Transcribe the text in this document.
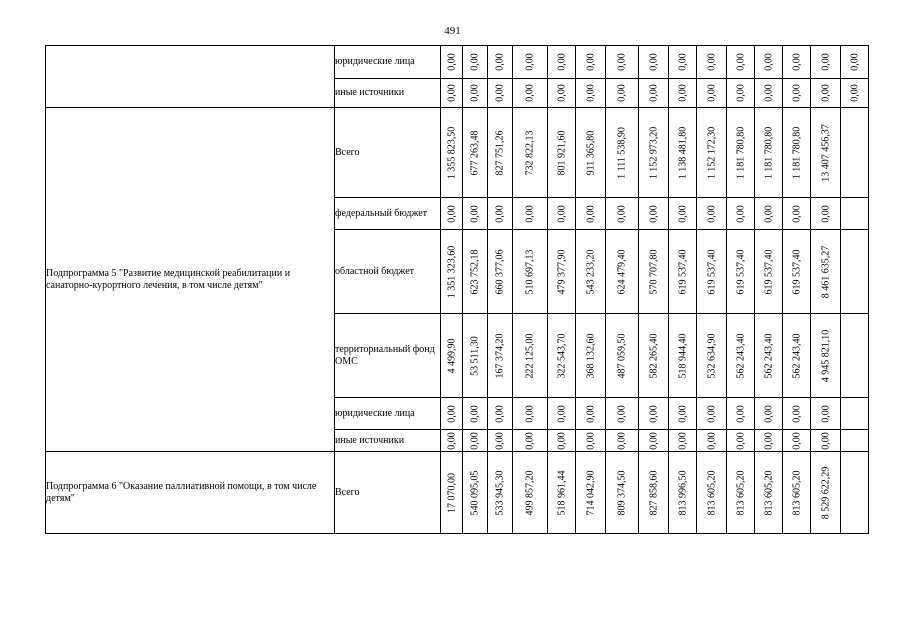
491
	юридические лица	0,00	0,00	0,00	0,00	0,00	0,00	0,00	0,00	0,00	0,00	0,00	0,00	0,00	0,00	0,00

	иные источники	0,00	0,00	0,00	0,00	0,00	0,00	0,00	0,00	0,00	0,00	0,00	0,00	0,00	0,00	0,00

Подпрограмма 5 "Развитие медицинской реабилитации и санаторно-курортного лечения, в том числе детям"	Всего	1 355 823,50	677 263,48	827 751,26	732 822,13	801 921,60	911 365,80	1 111 538,90	1 152 973,20	1 138 481,80	1 152 172,30	1 181 780,80	1 181 780,80	1 181 780,80	13 407 456,37	

	федеральный бюджет	0,00	0,00	0,00	0,00	0,00	0,00	0,00	0,00	0,00	0,00	0,00	0,00	0,00	0,00	

	областной бюджет	1 351 323,60	623 752,18	660 377,06	510 697,13	479 377,90	543 233,20	624 479,40	570 707,80	619 537,40	619 537,40	619 537,40	619 537,40	619 537,40	8 461 635,27	

	территориальный фонд ОМС	4 499,90	53 511,30	167 374,20	222 125,00	322 543,70	368 132,60	487 059,50	582 265,40	518 944,40	532 634,90	562 243,40	562 243,40	562 243,40	4 945 821,10	

	юридические лица	0,00	0,00	0,00	0,00	0,00	0,00	0,00	0,00	0,00	0,00	0,00	0,00	0,00	0,00	

	иные источники	0,00	0,00	0,00	0,00	0,00	0,00	0,00	0,00	0,00	0,00	0,00	0,00	0,00	0,00	

Подпрограмма 6 "Оказание паллиативной помощи, в том числе детям"	Всего	17 070,00	540 095,05	533 945,30	499 857,20	518 961,44	714 042,90	809 374,50	827 858,60	813 996,50	813 605,20	813 605,20	813 605,20	813 605,20	8 529 622,29	
